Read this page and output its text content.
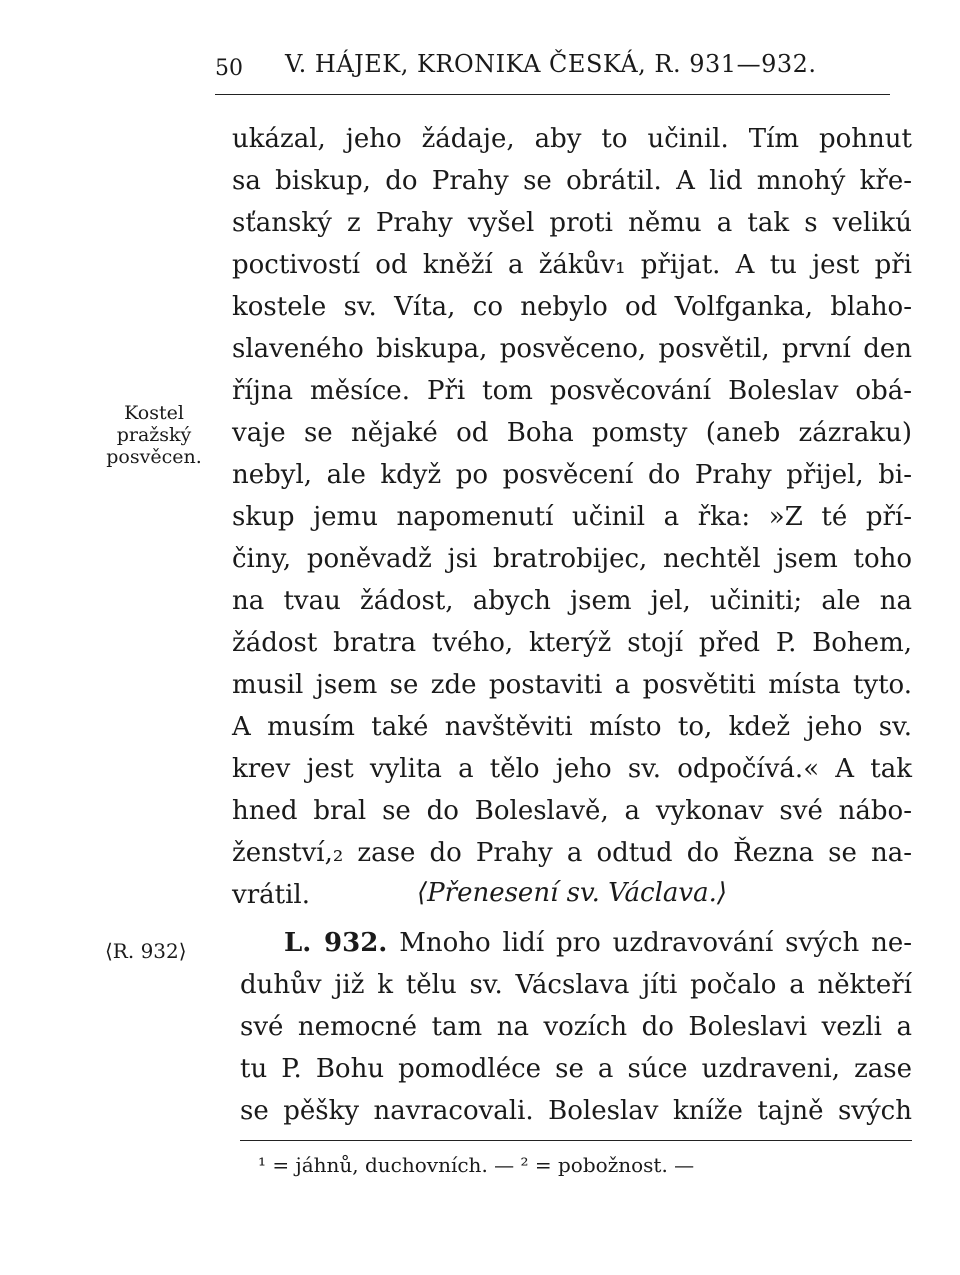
50 V. HÁJEK, KRONIKA ČESKÁ, R. 931—932.
Kostel
pražský
posvěcen.
ukázal, jeho žádaje, aby to učinil. Tím pohnut
sa biskup, do Prahy se obrátil. A lid mnohý křе-
sťanský z Prahy vyšel proti němu a tak s velikú
poctivostí od kněží a žákův₁ přijat. A tu jest při
kostele sv. Víta, co nebylo od Volfganka, blaho-
slaveného biskupa, posvěceno, posvětil, první den
října měsíce. Při tom posvěcování Boleslav obá-
vaje se nějaké od Boha pomsty (aneb zázraku)
nebyl, ale když po posvěcení do Prahy přijel, bi-
skup jemu napomenutí učinil a řka: »Z té pří-
činy, poněvadž jsi bratrobijec, nechtěl jsem toho
na tvau žádost, abych jsem jel, učiniti; ale na
žádost bratra tvého, kterýž stojí před P. Bohem,
musil jsem se zde postaviti a posvětiti místa tyto.
A musím také navštěviti místo to, kdež jeho sv.
krev jest vylita a tělo jeho sv. odpočívá.« A tak
hned bral se do Boleslavě, a vykonav své nábo-
ženství,₂ zase do Prahy a odtud do Řezna se na-
vrátil.	⟨Přenesení sv. Václava.⟩
⟨R. 932⟩	L. 932. Mnoho lidí pro uzdravování svých ne-
duhův již k tělu sv. Vácslava jíti počalo a někteří
své nemocné tam na vozích do Boleslavi vezli a
tu P. Bohu pomodléce se a súce uzdraveni, zase
se pěšky navracovali. Boleslav kníže tajně svých
¹ = jáhnů, duchovních. — ² = pobožnost. —
